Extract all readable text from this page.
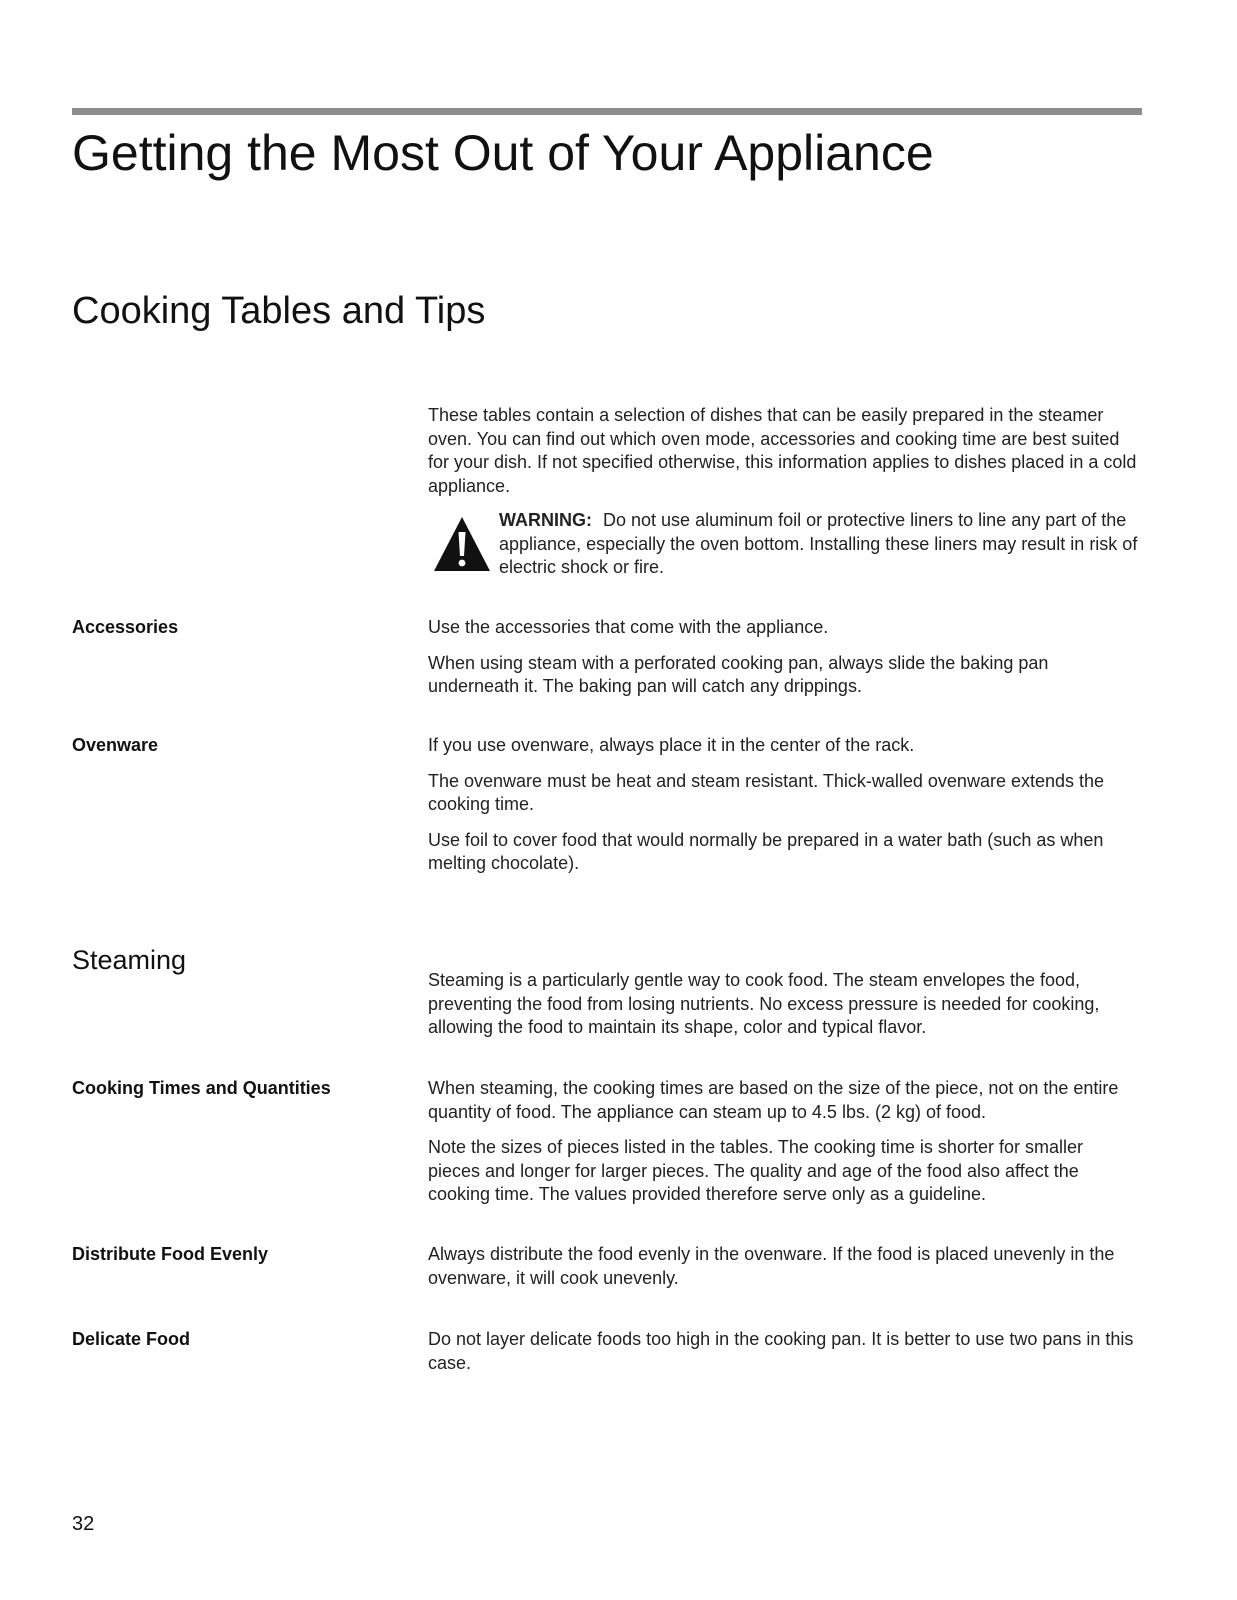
Getting the Most Out of Your Appliance
Cooking Tables and Tips

These tables contain a selection of dishes that can be easily prepared in the steamer oven. You can find out which oven mode, accessories and cooking time are best suited for your dish. If not specified otherwise, this information applies to dishes placed in a cold appliance.

WARNING: Do not use aluminum foil or protective liners to line any part of the appliance, especially the oven bottom. Installing these liners may result in risk of electric shock or fire.
Accessories	Use the accessories that come with the appliance.

When using steam with a perforated cooking pan, always slide the baking pan underneath it. The baking pan will catch any drippings.

Ovenware	If you use ovenware, always place it in the center of the rack.

The ovenware must be heat and steam resistant. Thick-walled ovenware extends the cooking time.

Use foil to cover food that would normally be prepared in a water bath (such as when melting chocolate).

Steaming

Steaming is a particularly gentle way to cook food. The steam envelopes the food, preventing the food from losing nutrients. No excess pressure is needed for cooking, allowing the food to maintain its shape, color and typical flavor.

Cooking Times and Quantities	When steaming, the cooking times are based on the size of the piece, not on the entire quantity of food. The appliance can steam up to 4.5 lbs. (2 kg) of food.

Note the sizes of pieces listed in the tables. The cooking time is shorter for smaller pieces and longer for larger pieces. The quality and age of the food also affect the cooking time. The values provided therefore serve only as a guideline.

Distribute Food Evenly	Always distribute the food evenly in the ovenware. If the food is placed unevenly in the ovenware, it will cook unevenly.

Delicate Food	Do not layer delicate foods too high in the cooking pan. It is better to use two pans in this case.

32
